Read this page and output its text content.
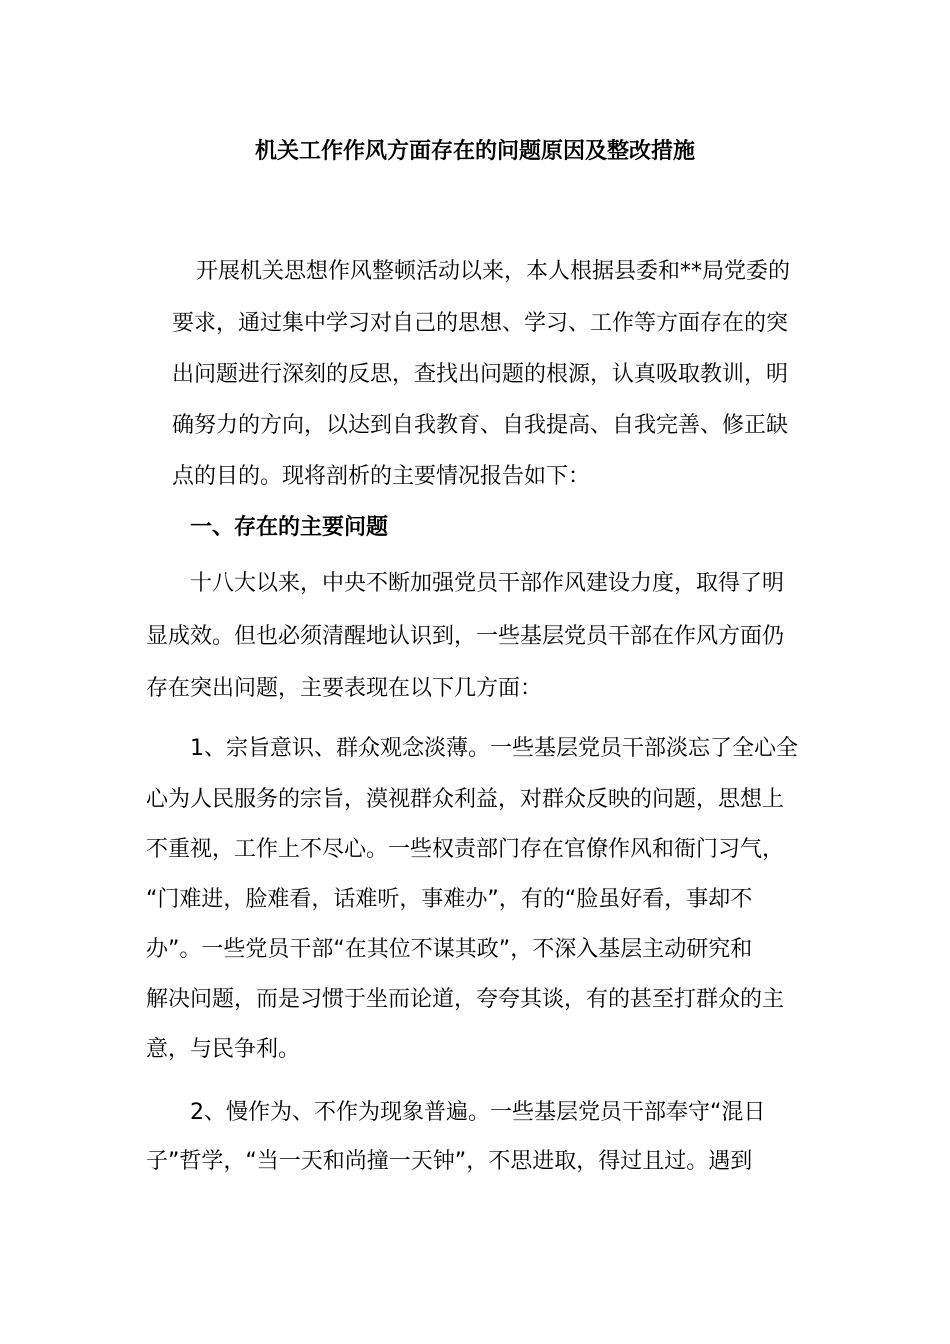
机关工作作风方面存在的问题原因及整改措施
开展机关思想作风整顿活动以来，本人根据县委和**局党委的
要求，通过集中学习对自己的思想、学习、工作等方面存在的突
出问题进行深刻的反思，查找出问题的根源，认真吸取教训，明
确努力的方向，以达到自我教育、自我提高、自我完善、修正缺
点的目的。现将剖析的主要情况报告如下：
一、存在的主要问题
十八大以来，中央不断加强党员干部作风建设力度，取得了明
显成效。但也必须清醒地认识到，一些基层党员干部在作风方面仍
存在突出问题，主要表现在以下几方面：
1、宗旨意识、群众观念淡薄。一些基层党员干部淡忘了全心全
心为人民服务的宗旨，漠视群众利益，对群众反映的问题，思想上
不重视，工作上不尽心。一些权责部门存在官僚作风和衙门习气，
“门难进，脸难看，话难听，事难办”，有的“脸虽好看，事却不
办”。一些党员干部“在其位不谋其政”，不深入基层主动研究和
解决问题，而是习惯于坐而论道，夸夸其谈，有的甚至打群众的主
意，与民争利。
2、慢作为、不作为现象普遍。一些基层党员干部奉守“混日
子”哲学，“当一天和尚撞一天钟”，不思进取，得过且过。遇到
